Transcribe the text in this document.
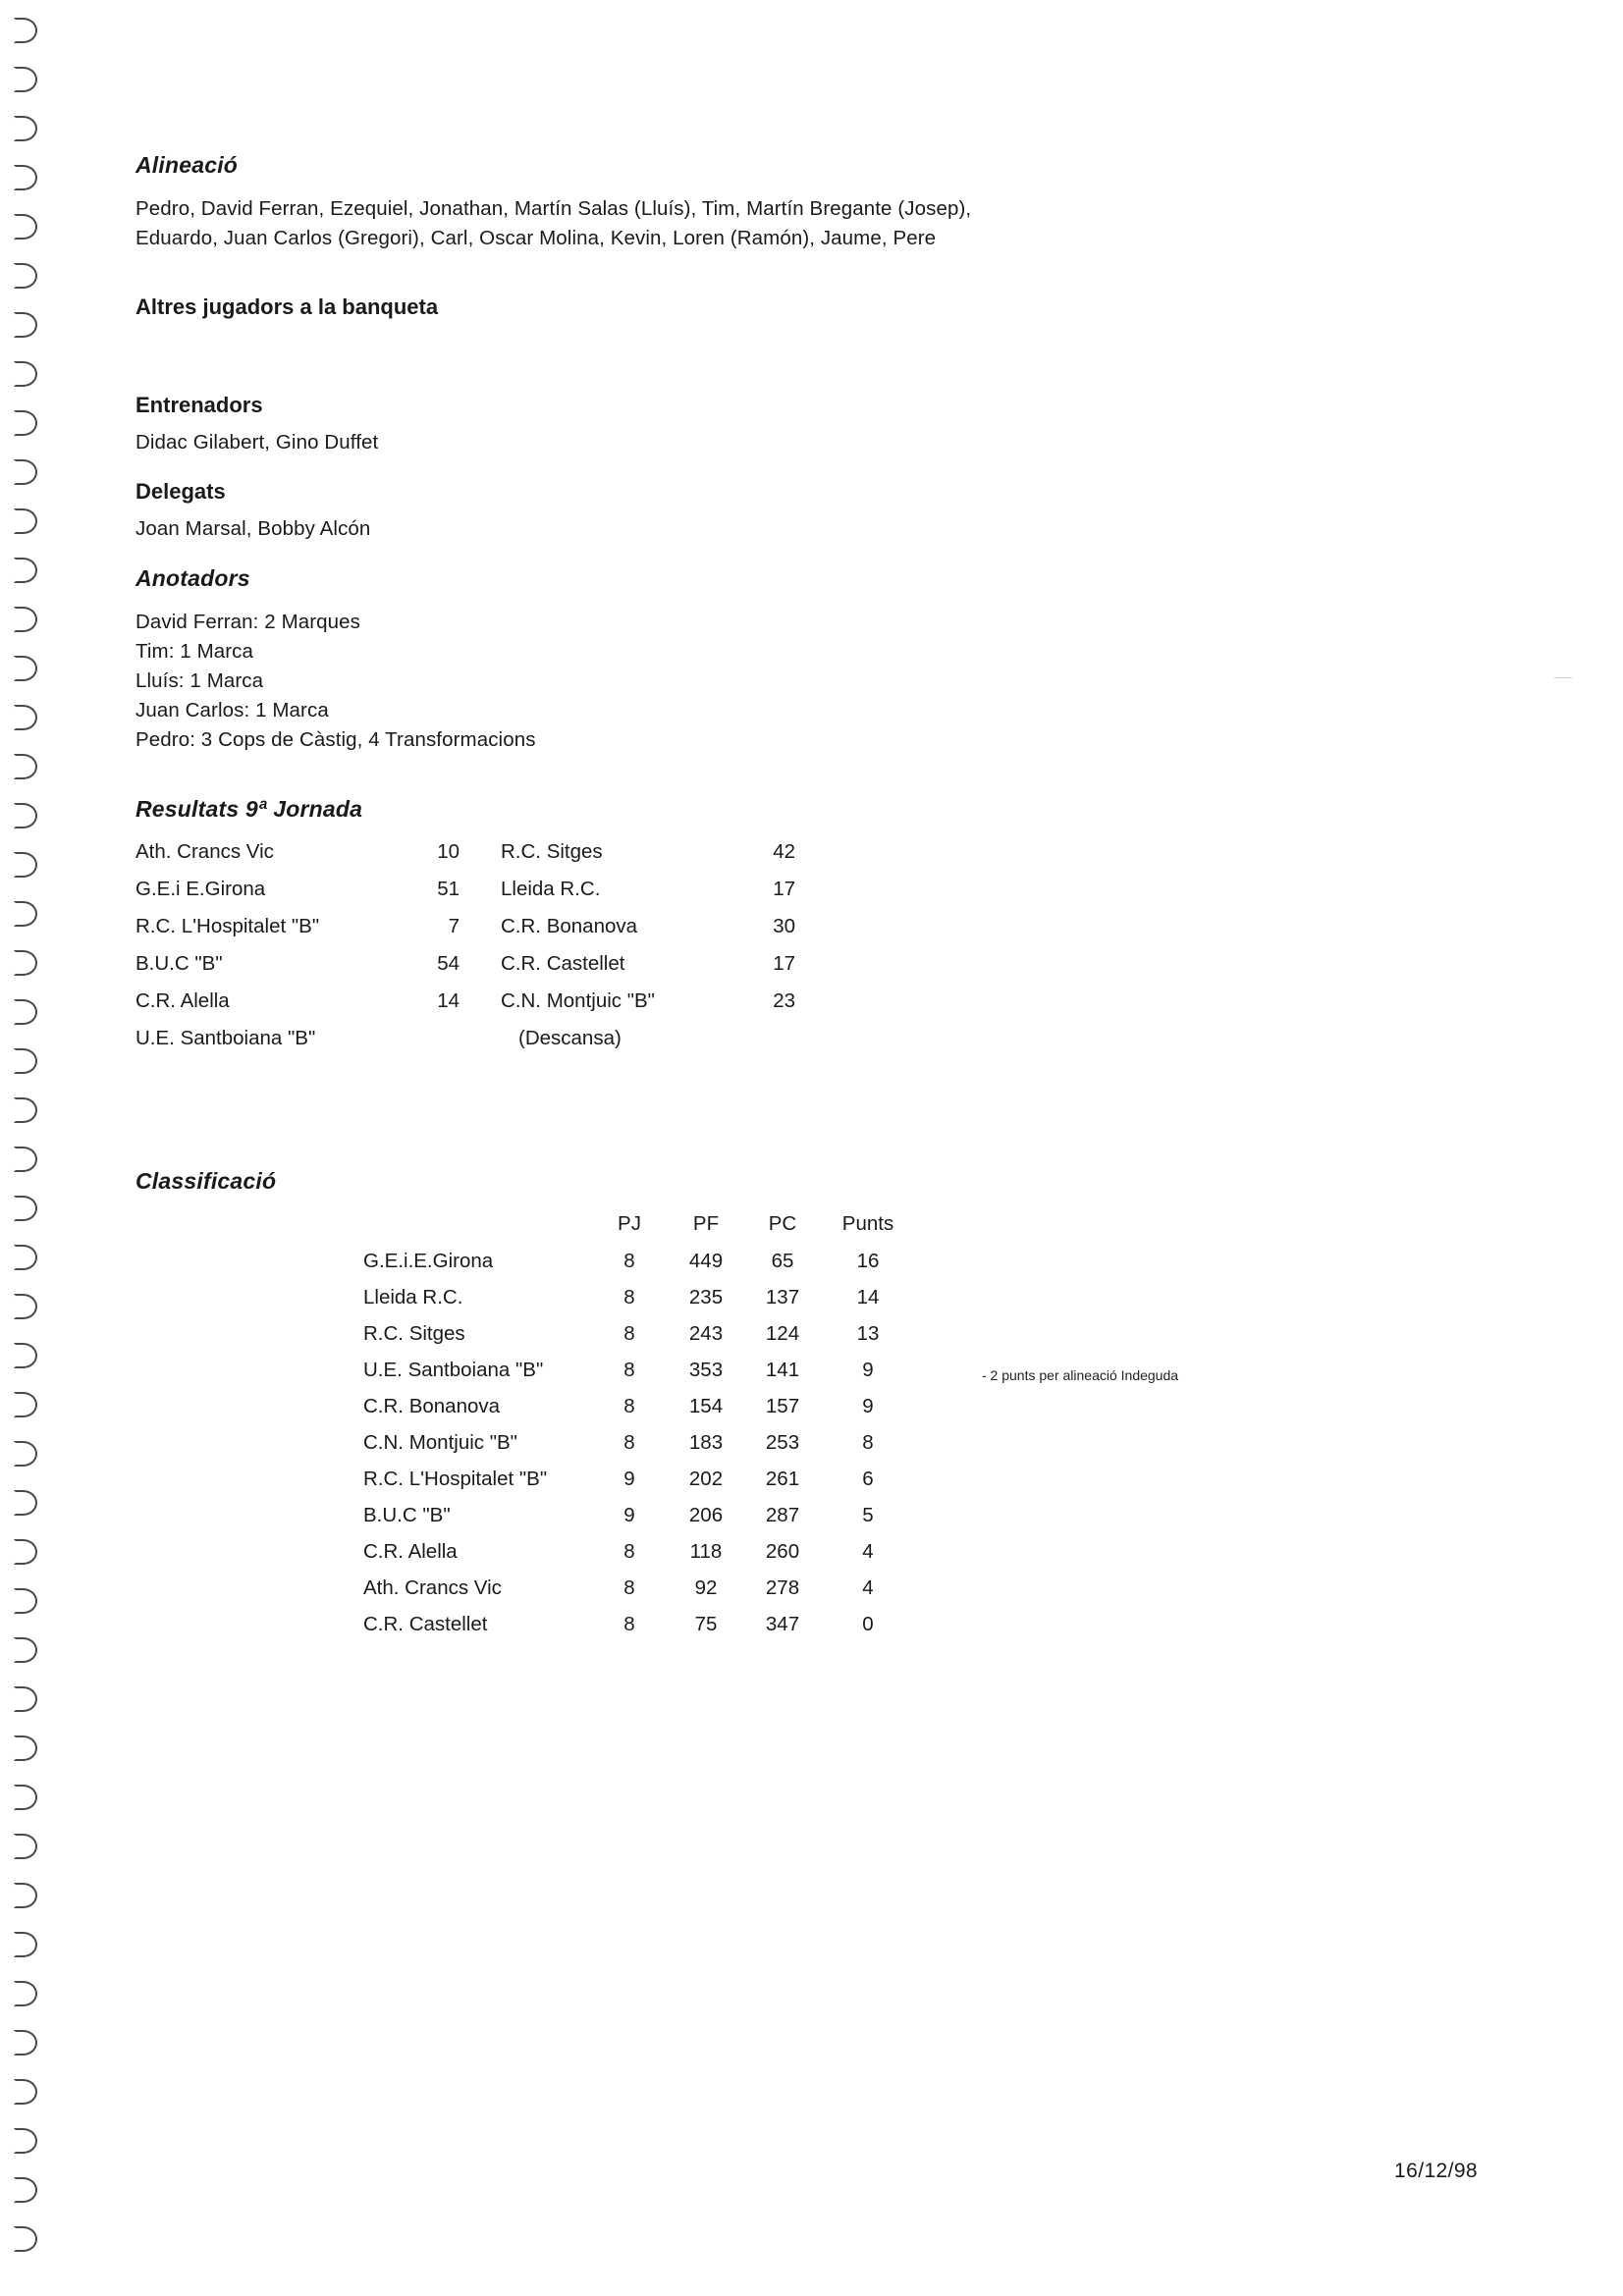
Alineació

Pedro, David Ferran, Ezequiel, Jonathan, Martín Salas (Lluís), Tim, Martín Bregante (Josep),

Eduardo, Juan Carlos (Gregori), Carl, Oscar Molina, Kevin, Loren (Ramón), Jaume, Pere

Altres jugadors a la banqueta
Entrenadors

Didac Gilabert, Gino Duffet

Delegats

Joan Marsal, Bobby Alcón

Anotadors

David Ferran: 2 Marques

Tim: 1 Marca

Lluís: 1 Marca

Juan Carlos: 1 Marca

Pedro: 3 Cops de Càstig, 4 Transformacions

Resultats 9ª Jornada
Ath. Crancs Vic	10	R.C. Sitges	42
G.E.i E.Girona	51	Lleida R.C.	17
R.C. L'Hospitalet "B"	7	C.R. Bonanova	30
B.U.C "B"	54	C.R. Castellet	17
C.R. Alella	14	C.N. Montjuic "B"	23
U.E. Santboiana "B"		(Descansa)	
Classificació
	PJ	PF	PC	Punts
G.E.i.E.Girona	8	449	65	16
Lleida R.C.	8	235	137	14
R.C. Sitges	8	243	124	13
U.E. Santboiana "B"	8	353	141	9
C.R. Bonanova	8	154	157	9
C.N. Montjuic "B"	8	183	253	8
R.C. L'Hospitalet "B"	9	202	261	6
B.U.C "B"	9	206	287	5
C.R. Alella	8	118	260	4
Ath. Crancs Vic	8	92	278	4
C.R. Castellet	8	75	347	0
- 2 punts per alineació Indeguda
16/12/98
